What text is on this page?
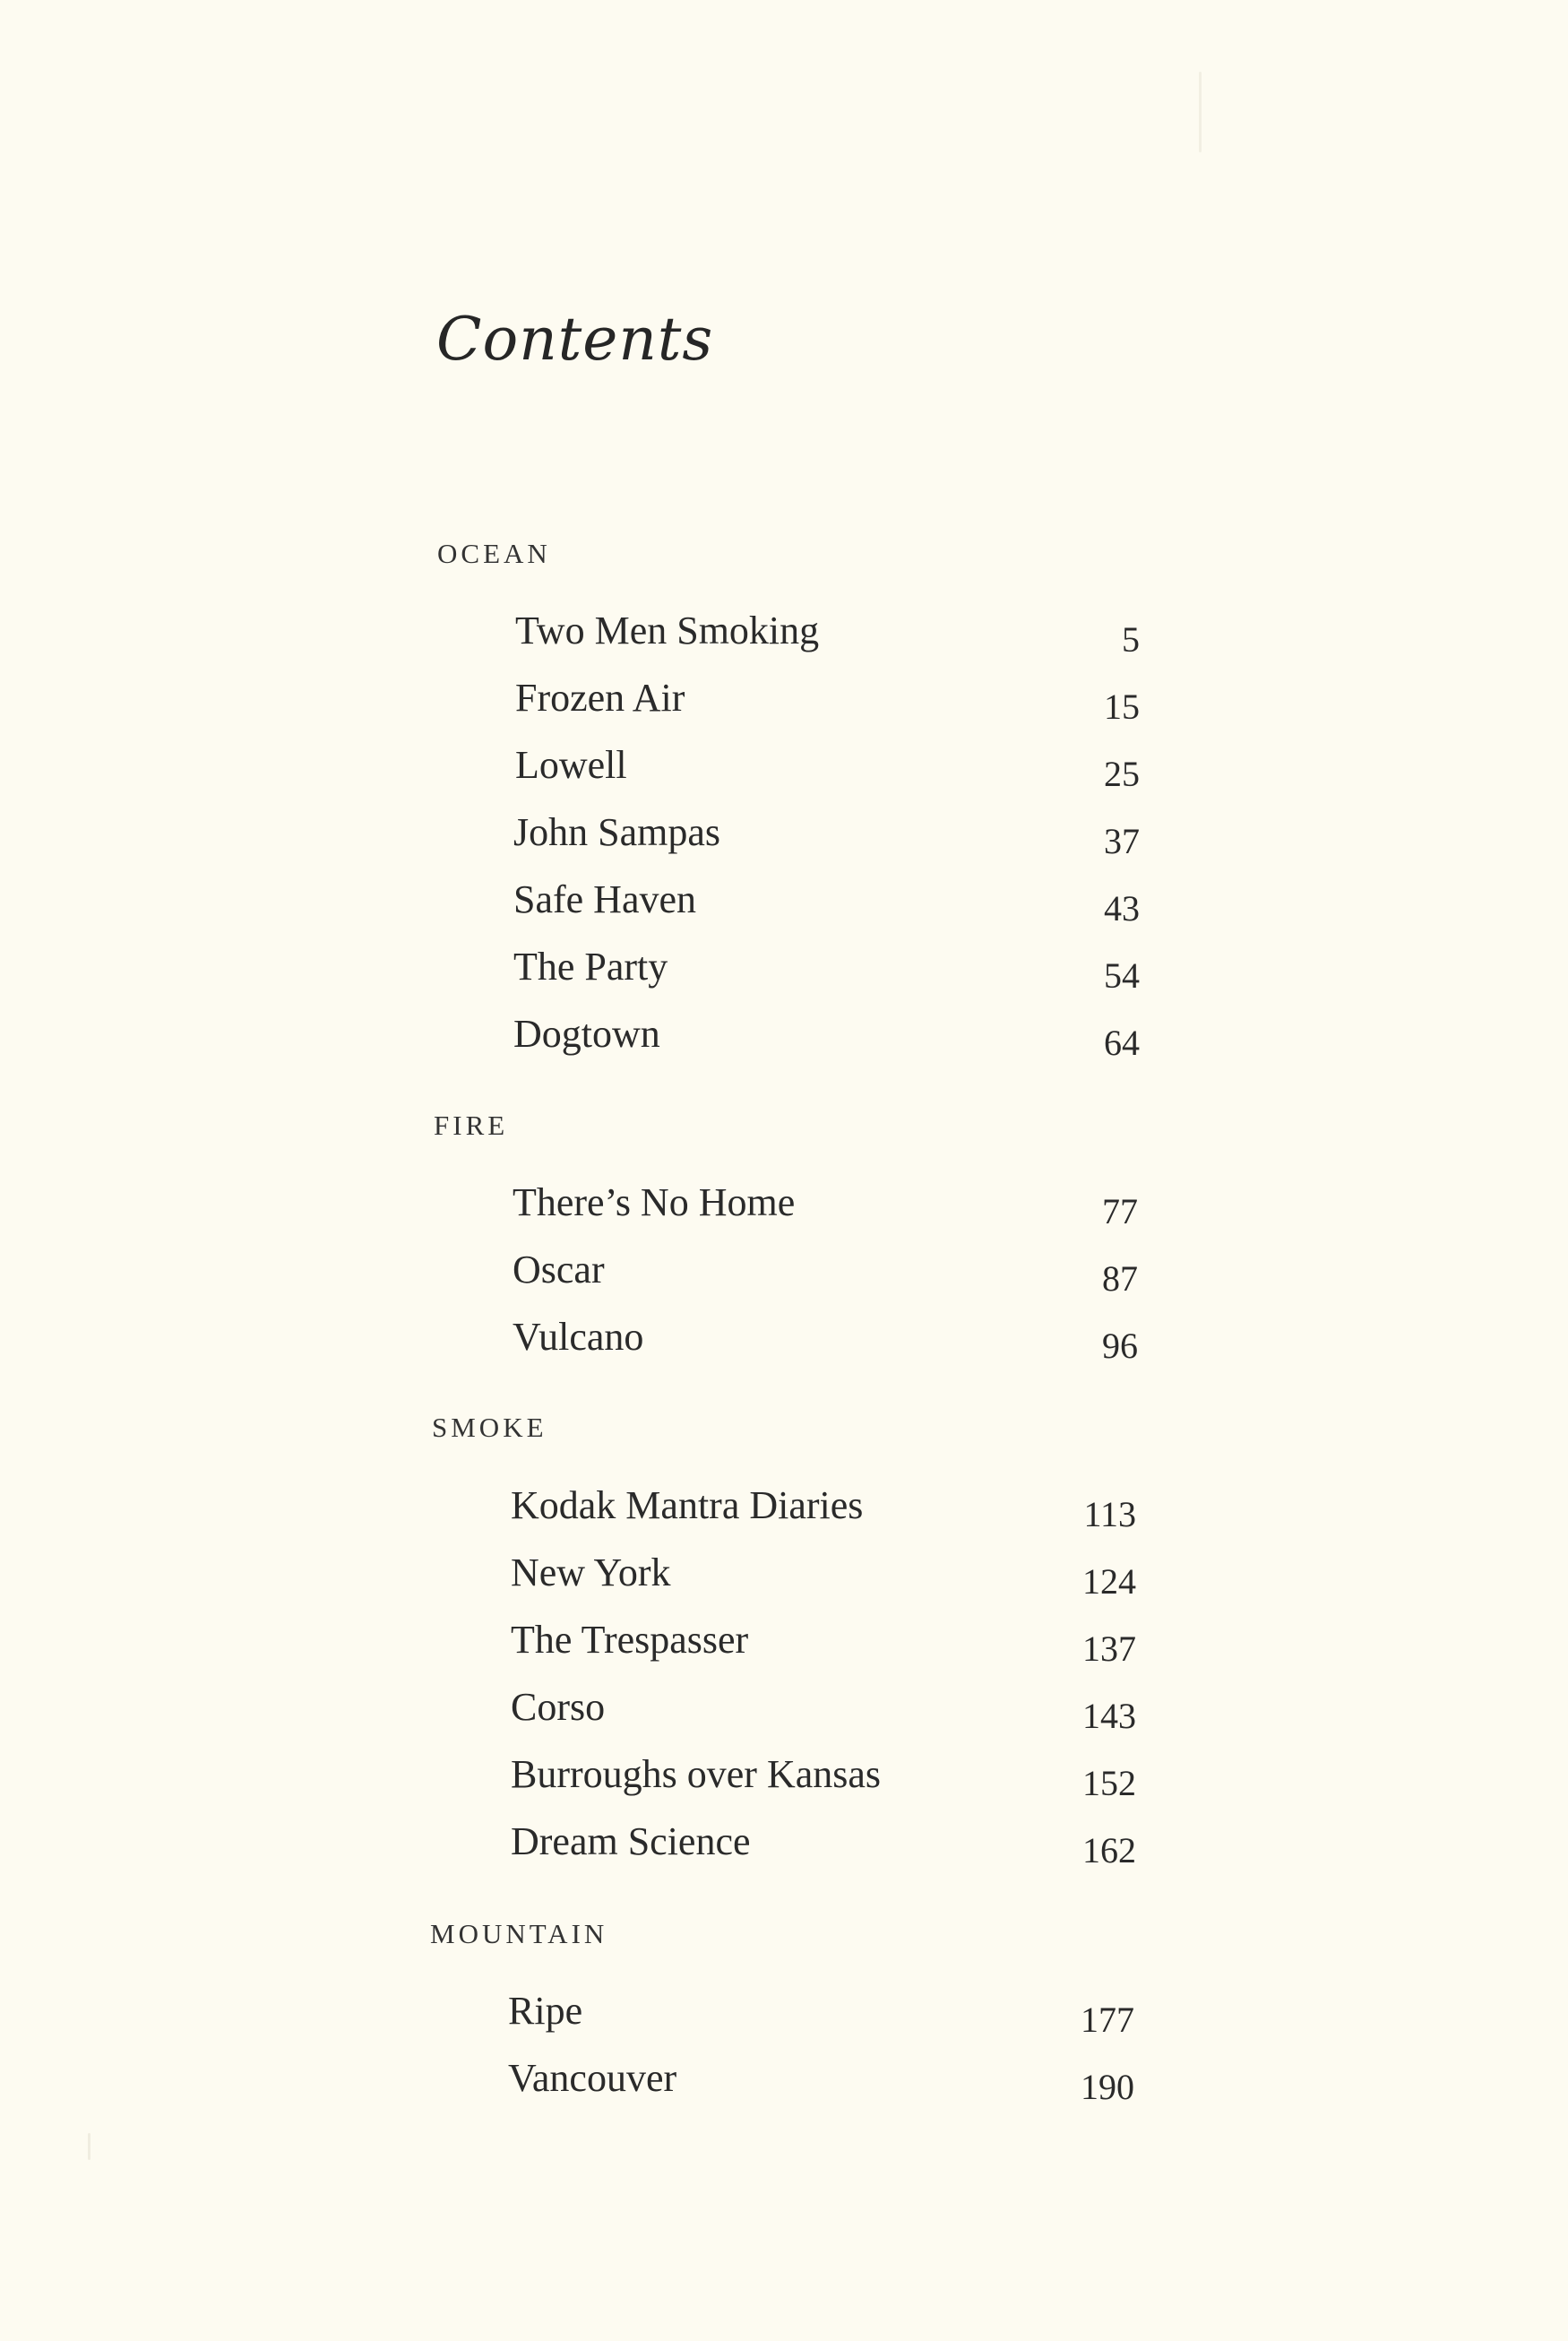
Contents
OCEAN
Two Men Smoking	5
Frozen Air	15
Lowell	25
John Sampas	37
Safe Haven	43
The Party	54
Dogtown	64
FIRE
There’s No Home	77
Oscar	87
Vulcano	96
SMOKE
Kodak Mantra Diaries	113
New York	124
The Trespasser	137
Corso	143
Burroughs over Kansas	152
Dream Science	162
MOUNTAIN
Ripe	177
Vancouver	190
